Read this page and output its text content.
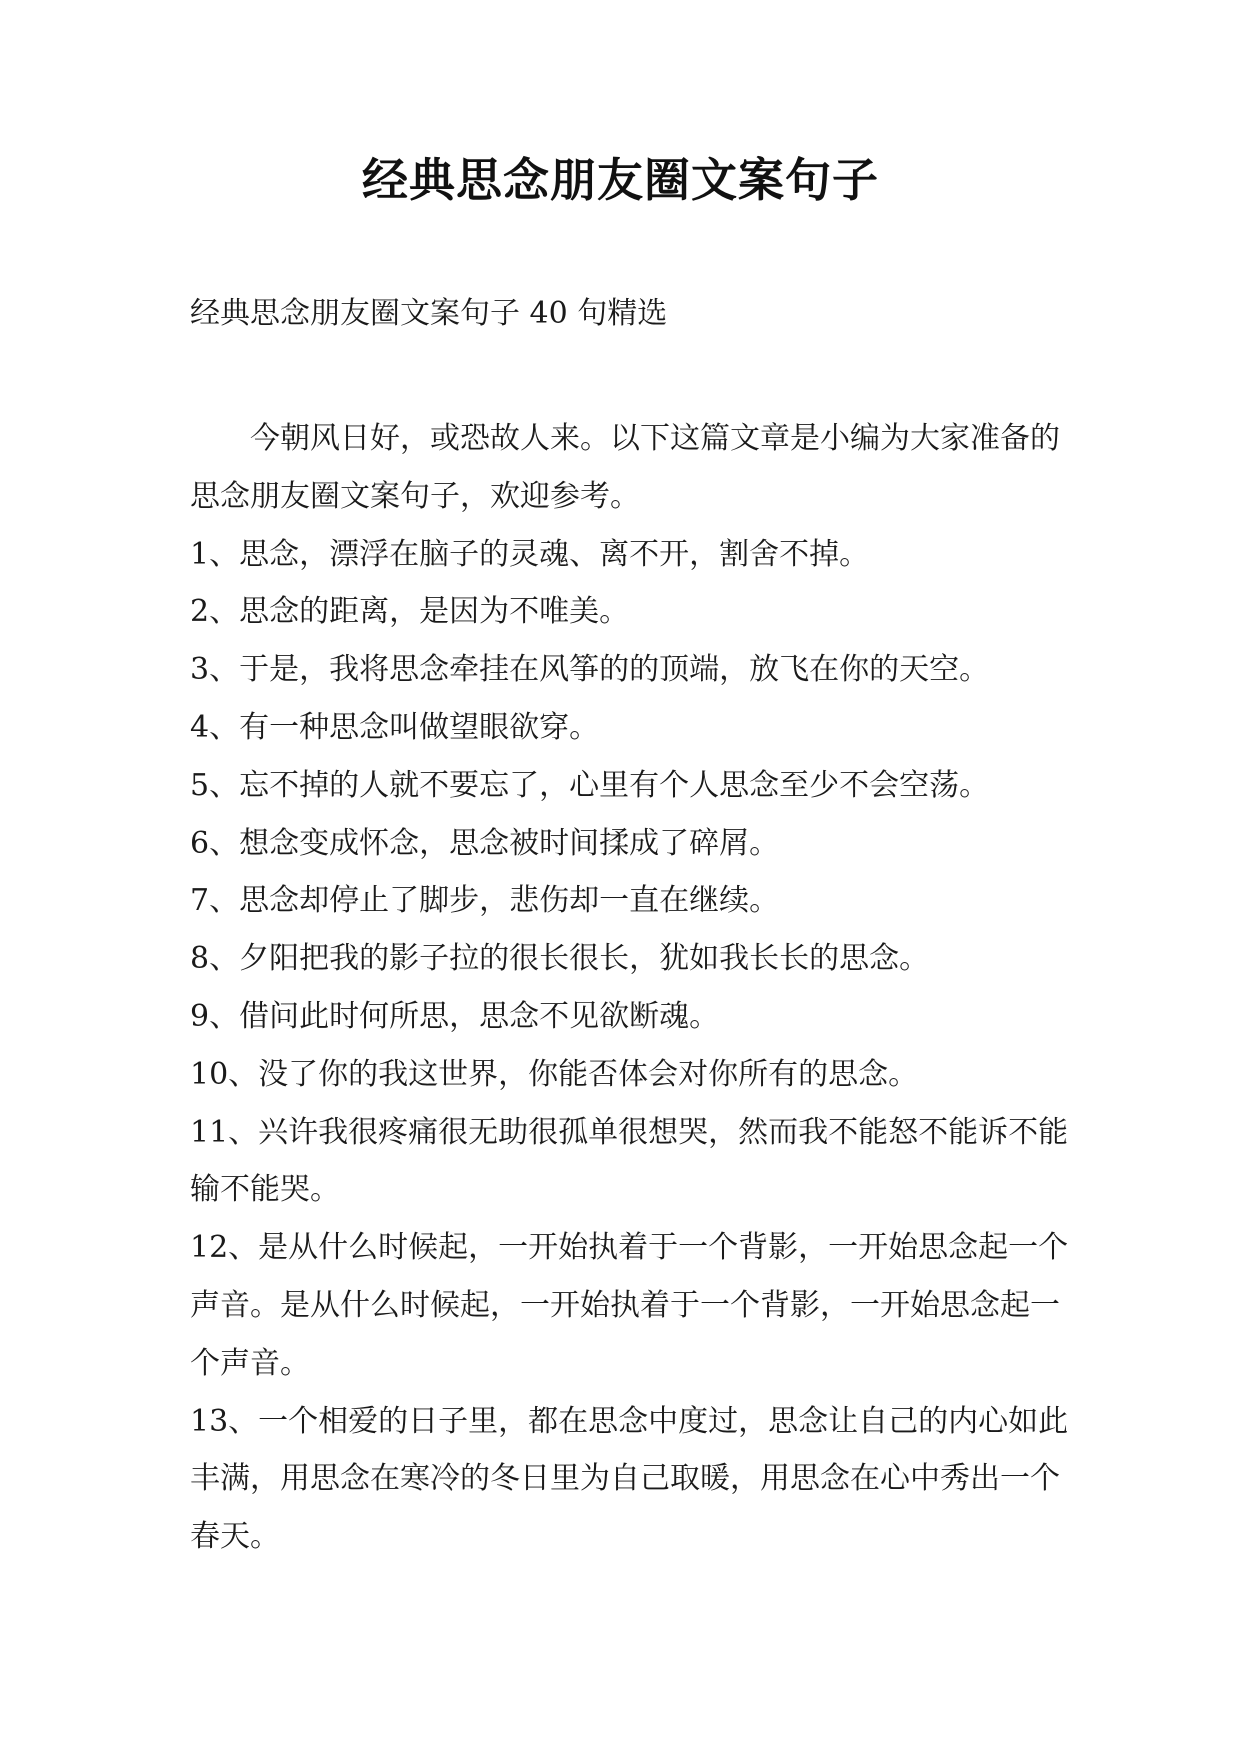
经典思念朋友圈文案句子
经典思念朋友圈文案句子 40 句精选

今朝风日好，或恐故人来。以下这篇文章是小编为大家准备的思念朋友圈文案句子，欢迎参考。

1、思念，漂浮在脑子的灵魂、离不开，割舍不掉。

2、思念的距离，是因为不唯美。

3、于是，我将思念牵挂在风筝的的顶端，放飞在你的天空。

4、有一种思念叫做望眼欲穿。

5、忘不掉的人就不要忘了，心里有个人思念至少不会空荡。

6、想念变成怀念，思念被时间揉成了碎屑。

7、思念却停止了脚步，悲伤却一直在继续。

8、夕阳把我的影子拉的很长很长，犹如我长长的思念。

9、借问此时何所思，思念不见欲断魂。

10、没了你的我这世界，你能否体会对你所有的思念。

11、兴许我很疼痛很无助很孤单很想哭，然而我不能怒不能诉不能输不能哭。

12、是从什么时候起，一开始执着于一个背影，一开始思念起一个声音。是从什么时候起，一开始执着于一个背影，一开始思念起一个声音。

13、一个相爱的日子里，都在思念中度过，思念让自己的内心如此丰满，用思念在寒冷的冬日里为自己取暖，用思念在心中秀出一个春天。
